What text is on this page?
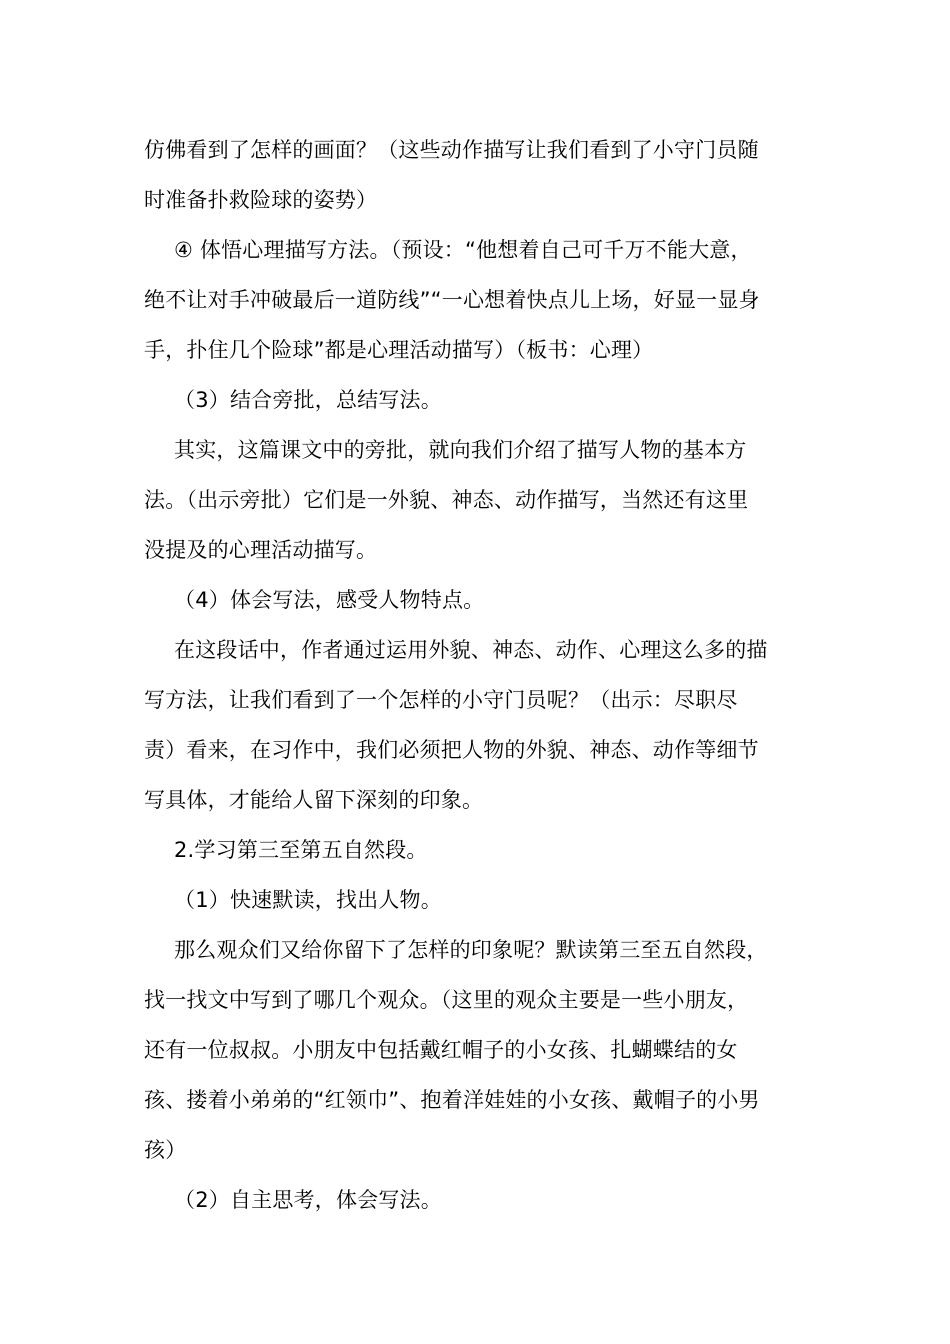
仿佛看到了怎样的画面？（这些动作描写让我们看到了小守门员随
时准备扑救险球的姿势）
④ 体悟心理描写方法。（预设：“他想着自己可千万不能大意，
绝不让对手冲破最后一道防线”“一心想着快点儿上场，好显一显身
手，扑住几个险球”都是心理活动描写）（板书：心理）
（3）结合旁批，总结写法。
其实，这篇课文中的旁批，就向我们介绍了描写人物的基本方
法。（出示旁批）它们是一外貌、神态、动作描写，当然还有这里
没提及的心理活动描写。
（4）体会写法，感受人物特点。
在这段话中，作者通过运用外貌、神态、动作、心理这么多的描
写方法，让我们看到了一个怎样的小守门员呢？（出示：尽职尽
责）看来，在习作中，我们必须把人物的外貌、神态、动作等细节
写具体，才能给人留下深刻的印象。
2.学习第三至第五自然段。
（1）快速默读，找出人物。
那么观众们又给你留下了怎样的印象呢？默读第三至五自然段，
找一找文中写到了哪几个观众。（这里的观众主要是一些小朋友，
还有一位叔叔。小朋友中包括戴红帽子的小女孩、扎蝴蝶结的女
孩、搂着小弟弟的“红领巾”、抱着洋娃娃的小女孩、戴帽子的小男
孩）
（2）自主思考，体会写法。
